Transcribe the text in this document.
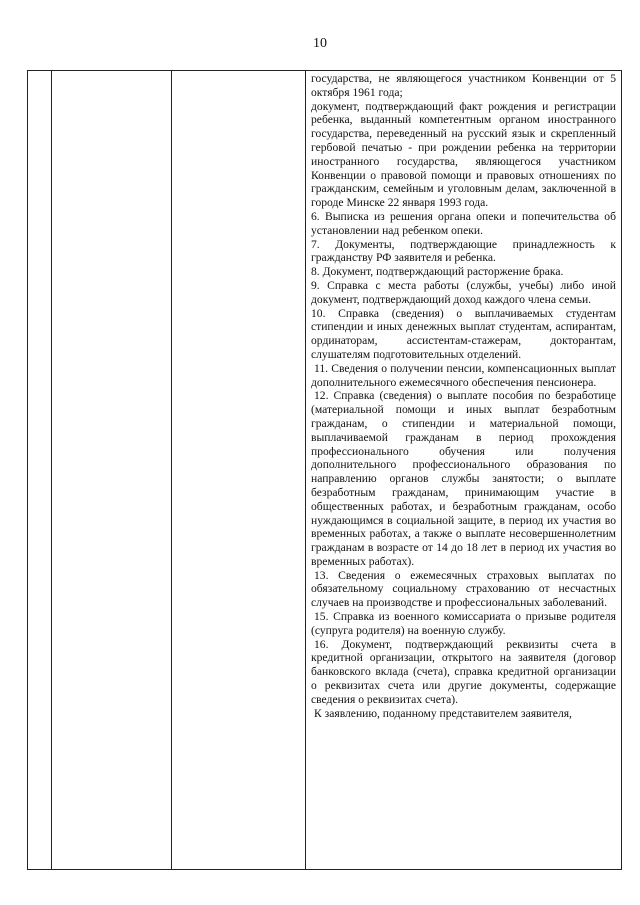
10

государства, не являющегося участником Конвенции от 5 октября 1961 года;

документ, подтверждающий факт рождения и регистрации ребенка, выданный компетентным органом иностранного государства, переведенный на русский язык и скрепленный гербовой печатью - при рождении ребенка на территории иностранного государства, являющегося участником Конвенции о правовой помощи и правовых отношениях по гражданским, семейным и уголовным делам, заключенной в городе Минске 22 января 1993 года.

6. Выписка из решения органа опеки и попечительства об установлении над ребенком опеки.

7. Документы, подтверждающие принадлежность к гражданству РФ заявителя и ребенка.

8. Документ, подтверждающий расторжение брака.

9. Справка с места работы (службы, учебы) либо иной документ, подтверждающий доход каждого члена семьи.

10. Справка (сведения) о выплачиваемых студентам стипендии и иных денежных выплат студентам, аспирантам, ординаторам, ассистентам-стажерам, докторантам, слушателям подготовительных отделений.

11. Сведения о получении пенсии, компенсационных выплат дополнительного ежемесячного обеспечения пенсионера.

12. Справка (сведения) о выплате пособия по безработице (материальной помощи и иных выплат безработным гражданам, о стипендии и материальной помощи, выплачиваемой гражданам в период прохождения профессионального обучения или получения дополнительного профессионального образования по направлению органов службы занятости; о выплате безработным гражданам, принимающим участие в общественных работах, и безработным гражданам, особо нуждающимся в социальной защите, в период их участия во временных работах, а также о выплате несовершеннолетним гражданам в возрасте от 14 до 18 лет в период их участия во временных работах).

13. Сведения о ежемесячных страховых выплатах по обязательному социальному страхованию от несчастных случаев на производстве и профессиональных заболеваний.

15. Справка из военного комиссариата о призыве родителя (супруга родителя) на военную службу.

16. Документ, подтверждающий реквизиты счета в кредитной организации, открытого на заявителя (договор банковского вклада (счета), справка кредитной организации о реквизитах счета или другие документы, содержащие сведения о реквизитах счета).

К заявлению, поданному представителем заявителя,
